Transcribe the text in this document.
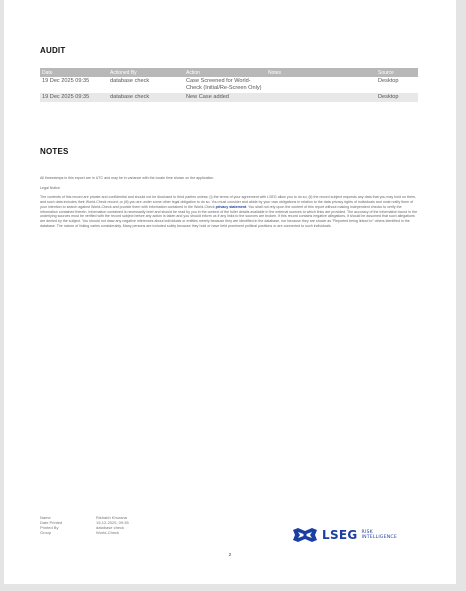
AUDIT
Date	Actioned By	Action	Notes	Source
19 Dec 2025 09:35	database check	Case Screened for World-Check (Initial/Re-Screen Only)		Desktop
19 Dec 2025 09:35	database check	New Case added		Desktop
NOTES

All timestamps in this export are in UTC and may be in variance with the locale time shown on the application

Legal Notice

The contents of this record are private and confidential and should not be disclosed to third parties unless: (i) the terms of your agreement with LSEG allow you to do so; (ii) the record subject requests any data that you may hold on them, and such data includes their World-Check record; or (iii) you are under some other legal obligation to do so. You must consider and abide by your own obligations in relation to the data privacy rights of individuals and must notify them of your intention to search against World-Check and provide them with information contained in the World-Check privacy statement. You shall not rely upon the content of this report without making independent checks to verify the information contained therein. Information contained is necessarily brief and should be read by you in the context of the fuller details available in the external sources to which links are provided. The accuracy of the information found in the underlying sources must be verified with the record subject before any action is taken and you should inform us if any links to the sources are broken. If this record contains negative allegations, it should be assumed that such allegations are denied by the subject. You should not draw any negative inferences about individuals or entities merely because they are identified in the database, nor because they are shown as "Reported being linked to" others identified in the database. The nature of linking varies considerably. Many persons are included solely because they hold or have held prominent political positions or are connected to such individuals.

Name	Rishabh Khurana
Date Printed	19-12-2025, 09:35
Printed By	database check
Group	World-Check	LSEG RISK
INTELLIGENCE
2
